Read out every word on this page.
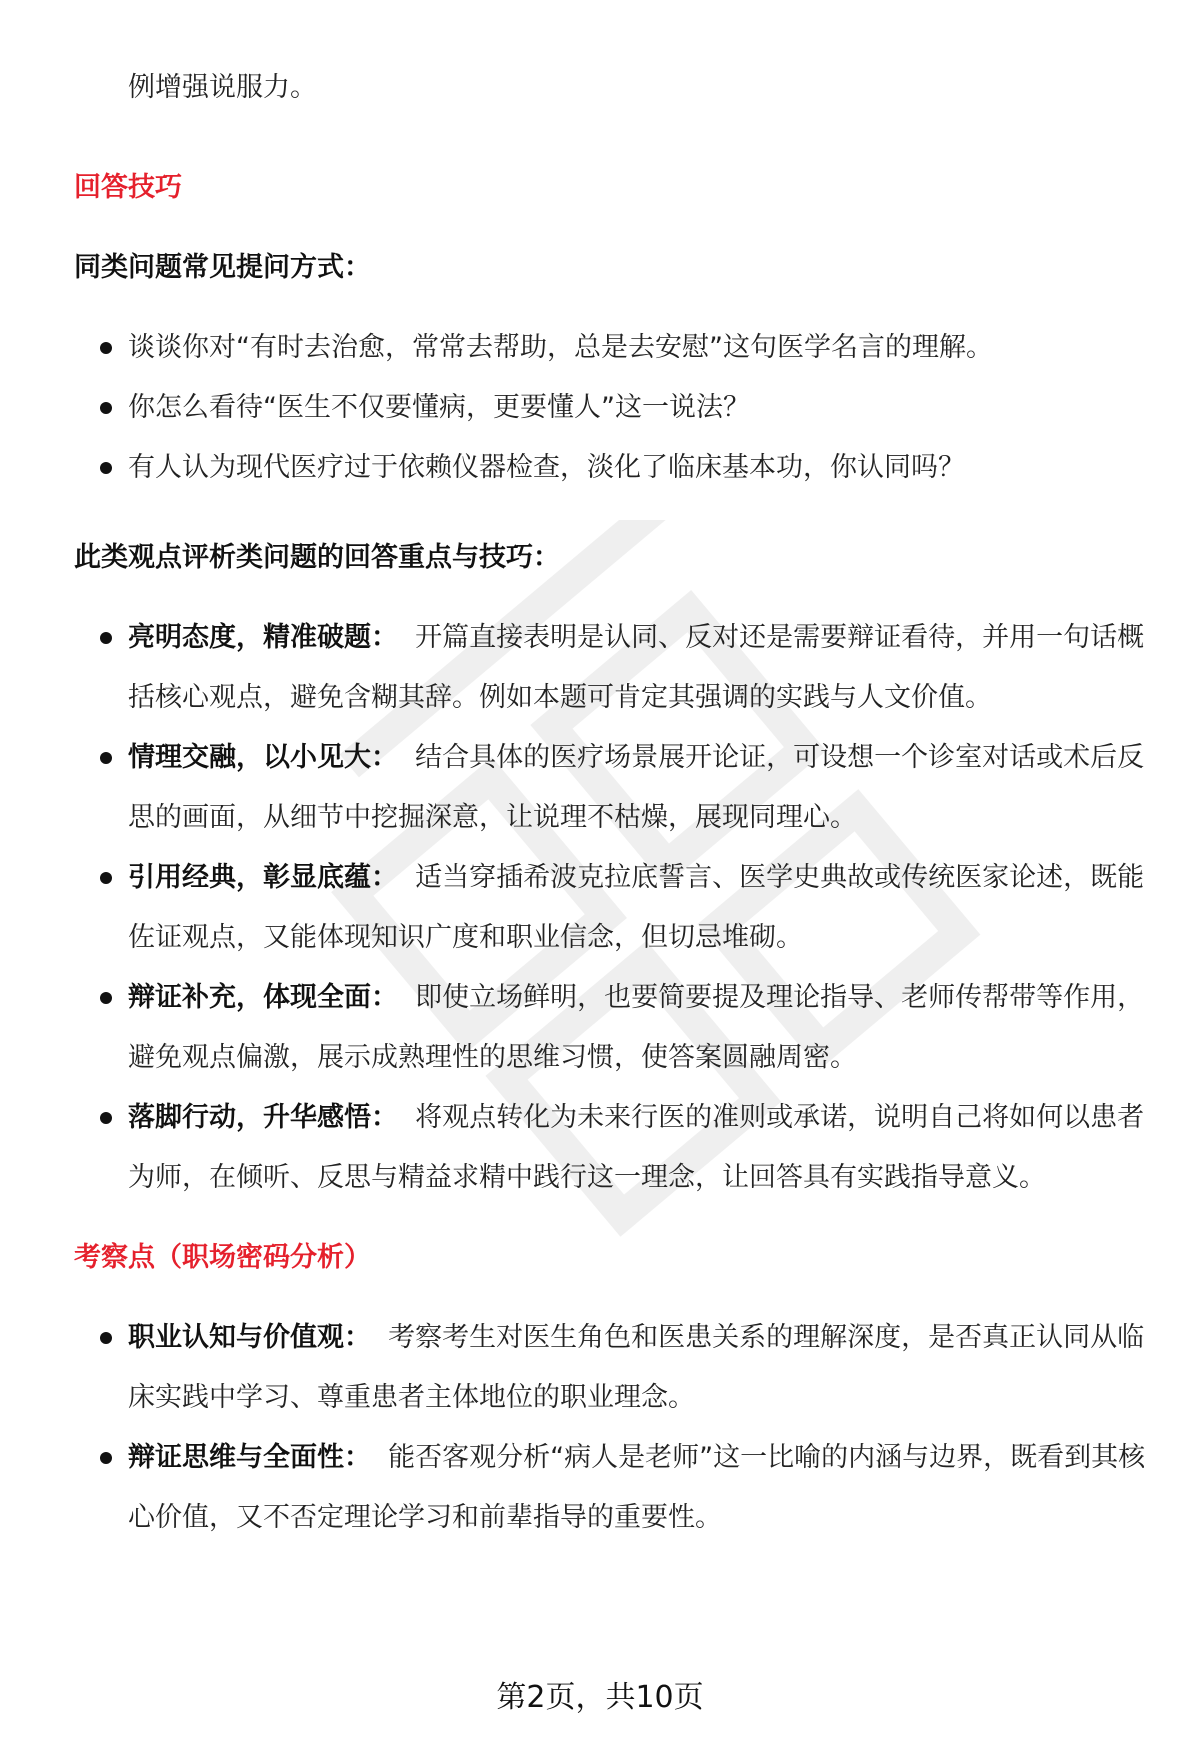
例增强说服力。
回答技巧
同类问题常见提问方式：
谈谈你对“有时去治愈，常常去帮助，总是去安慰”这句医学名言的理解。
你怎么看待“医生不仅要懂病，更要懂人”这一说法？
有人认为现代医疗过于依赖仪器检查，淡化了临床基本功，你认同吗？
此类观点评析类问题的回答重点与技巧：
亮明态度，精准破题： 开篇直接表明是认同、反对还是需要辩证看待，并用一句话概括核心观点，避免含糊其辞。例如本题可肯定其强调的实践与人文价值。
情理交融，以小见大： 结合具体的医疗场景展开论证，可设想一个诊室对话或术后反思的画面，从细节中挖掘深意，让说理不枯燥，展现同理心。
引用经典，彰显底蕴： 适当穿插希波克拉底誓言、医学史典故或传统医家论述，既能佐证观点，又能体现知识广度和职业信念，但切忌堆砌。
辩证补充，体现全面： 即使立场鲜明，也要简要提及理论指导、老师传帮带等作用，避免观点偏激，展示成熟理性的思维习惯，使答案圆融周密。
落脚行动，升华感悟： 将观点转化为未来行医的准则或承诺，说明自己将如何以患者为师，在倾听、反思与精益求精中践行这一理念，让回答具有实践指导意义。
考察点（职场密码分析）
职业认知与价值观： 考察考生对医生角色和医患关系的理解深度，是否真正认同从临床实践中学习、尊重患者主体地位的职业理念。
辩证思维与全面性： 能否客观分析“病人是老师”这一比喻的内涵与边界，既看到其核心价值，又不否定理论学习和前辈指导的重要性。
第2页，共10页
